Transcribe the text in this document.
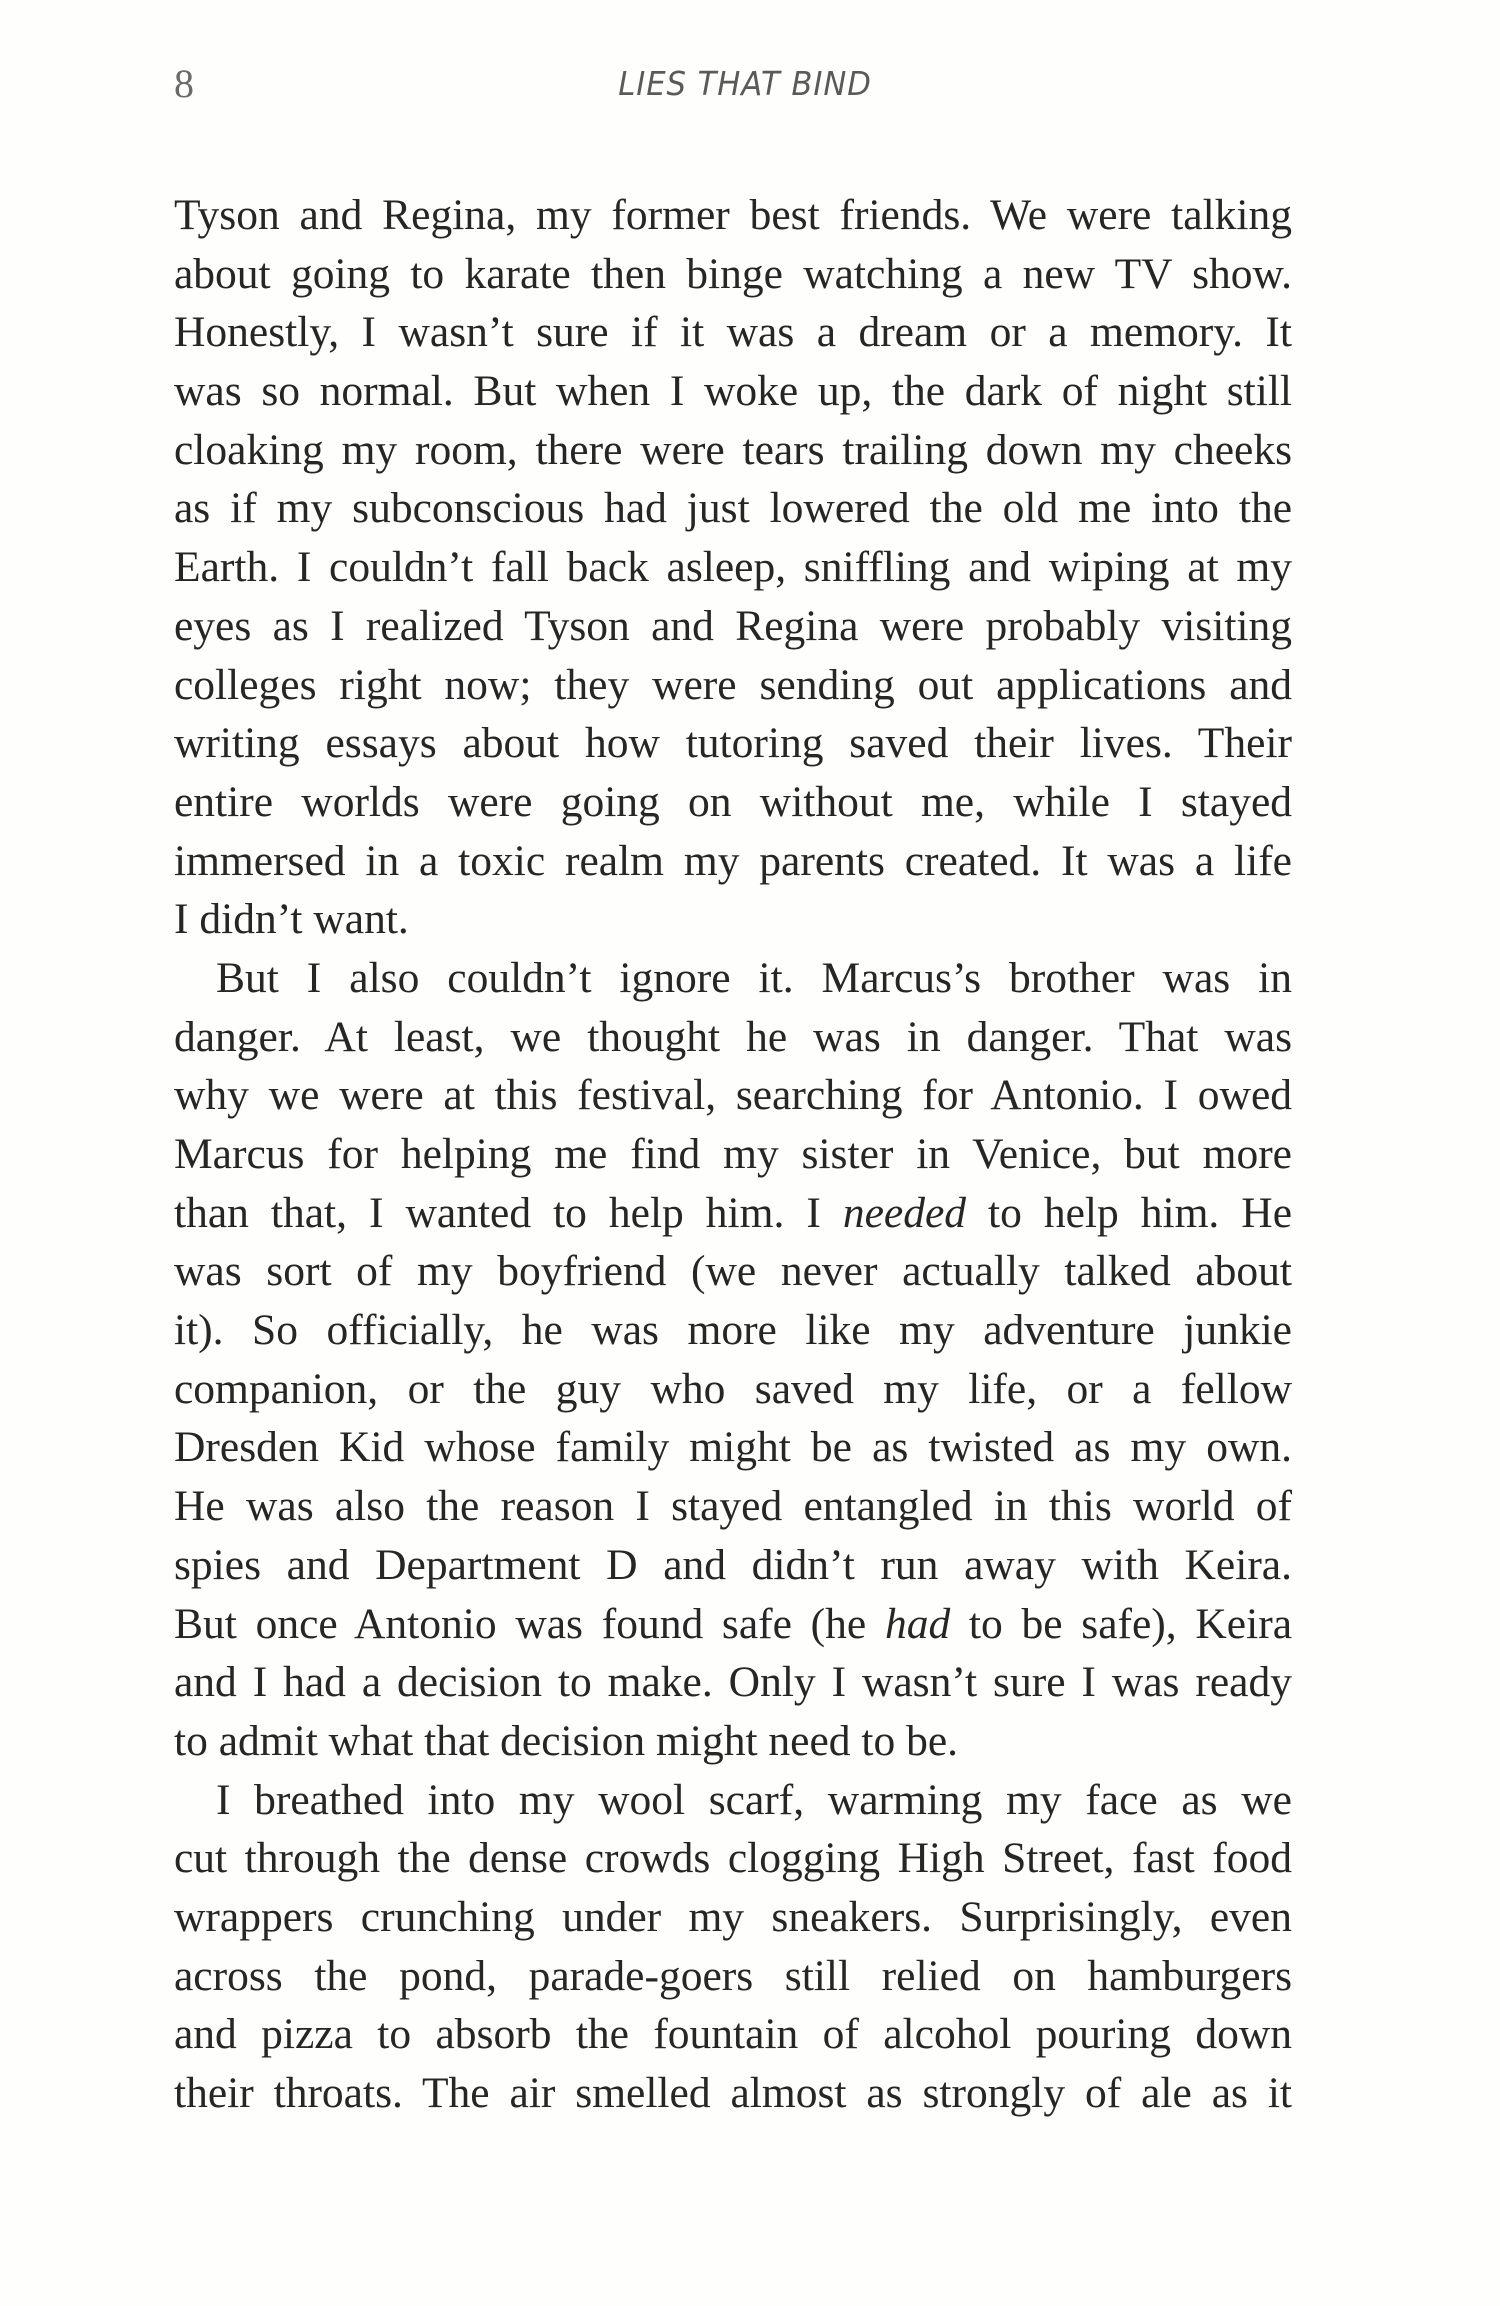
8	LIES THAT BIND
Tyson and Regina, my former best friends. We were talking
about going to karate then binge watching a new TV show.
Honestly, I wasn’t sure if it was a dream or a memory. It
was so normal. But when I woke up, the dark of night still
cloaking my room, there were tears trailing down my cheeks
as if my subconscious had just lowered the old me into the
Earth. I couldn’t fall back asleep, sniffling and wiping at my
eyes as I realized Tyson and Regina were probably visiting
colleges right now; they were sending out applications and
writing essays about how tutoring saved their lives. Their
entire worlds were going on without me, while I stayed
immersed in a toxic realm my parents created. It was a life
I didn’t want.
But I also couldn’t ignore it. Marcus’s brother was in
danger. At least, we thought he was in danger. That was
why we were at this festival, searching for Antonio. I owed
Marcus for helping me find my sister in Venice, but more
than that, I wanted to help him. I needed to help him. He
was sort of my boyfriend (we never actually talked about
it). So officially, he was more like my adventure junkie
companion, or the guy who saved my life, or a fellow
Dresden Kid whose family might be as twisted as my own.
He was also the reason I stayed entangled in this world of
spies and Department D and didn’t run away with Keira.
But once Antonio was found safe (he had to be safe), Keira
and I had a decision to make. Only I wasn’t sure I was ready
to admit what that decision might need to be.
I breathed into my wool scarf, warming my face as we
cut through the dense crowds clogging High Street, fast food
wrappers crunching under my sneakers. Surprisingly, even
across the pond, parade-goers still relied on hamburgers
and pizza to absorb the fountain of alcohol pouring down
their throats. The air smelled almost as strongly of ale as it
